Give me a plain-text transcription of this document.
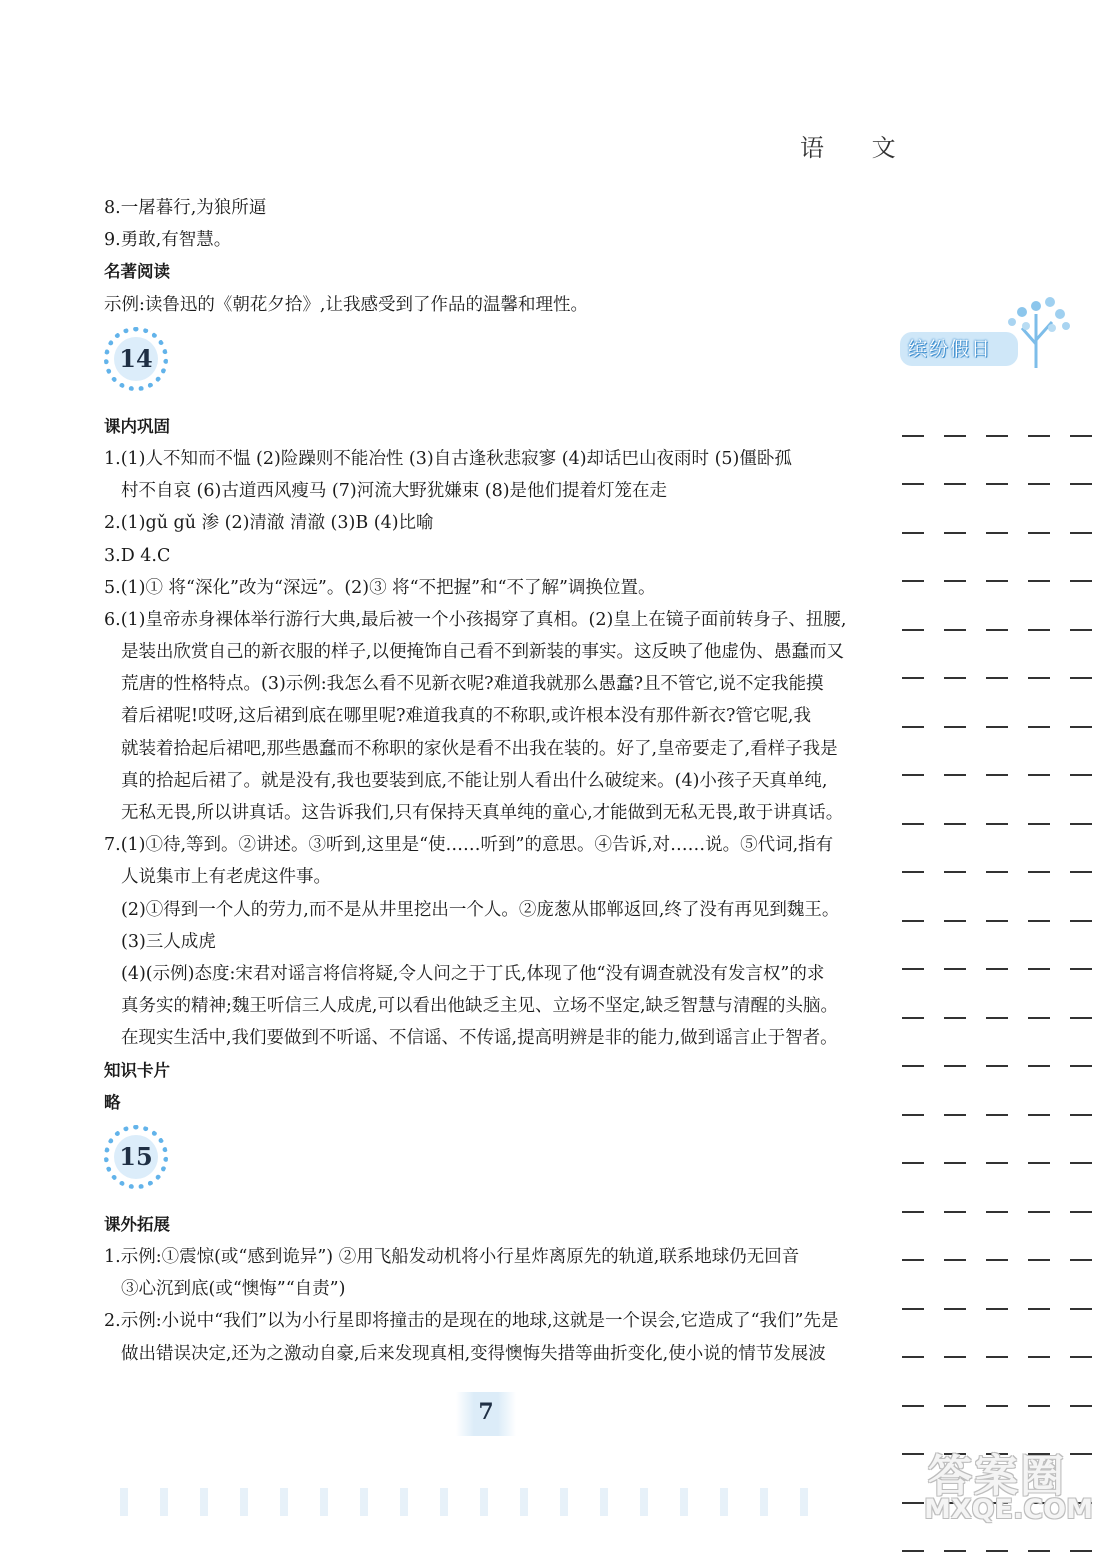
语 文
8.一屠暮行,为狼所逼
9.勇敢,有智慧。
名著阅读
示例:读鲁迅的《朝花夕拾》,让我感受到了作品的温馨和理性。
14
课内巩固
1.(1)人不知而不愠 (2)险躁则不能冶性 (3)自古逢秋悲寂寥 (4)却话巴山夜雨时 (5)僵卧孤
村不自哀 (6)古道西风瘦马 (7)河流大野犹嫌束 (8)是他们提着灯笼在走
2.(1)gǔ gǔ 渗 (2)清澈 清澈 (3)B (4)比喻
3.D 4.C
5.(1)① 将“深化”改为“深远”。(2)③ 将“不把握”和“不了解”调换位置。
6.(1)皇帝赤身裸体举行游行大典,最后被一个小孩揭穿了真相。(2)皇上在镜子面前转身子、扭腰,
是装出欣赏自己的新衣服的样子,以便掩饰自己看不到新装的事实。这反映了他虚伪、愚蠢而又
荒唐的性格特点。(3)示例:我怎么看不见新衣呢?难道我就那么愚蠢?且不管它,说不定我能摸
着后裙呢!哎呀,这后裙到底在哪里呢?难道我真的不称职,或许根本没有那件新衣?管它呢,我
就装着拾起后裙吧,那些愚蠢而不称职的家伙是看不出我在装的。好了,皇帝要走了,看样子我是
真的拾起后裙了。就是没有,我也要装到底,不能让别人看出什么破绽来。(4)小孩子天真单纯,
无私无畏,所以讲真话。这告诉我们,只有保持天真单纯的童心,才能做到无私无畏,敢于讲真话。
7.(1)①待,等到。②讲述。③听到,这里是“使……听到”的意思。④告诉,对……说。⑤代词,指有
人说集市上有老虎这件事。
(2)①得到一个人的劳力,而不是从井里挖出一个人。②庞葱从邯郸返回,终了没有再见到魏王。
(3)三人成虎
(4)(示例)态度:宋君对谣言将信将疑,令人问之于丁氏,体现了他“没有调查就没有发言权”的求
真务实的精神;魏王听信三人成虎,可以看出他缺乏主见、立场不坚定,缺乏智慧与清醒的头脑。
在现实生活中,我们要做到不听谣、不信谣、不传谣,提高明辨是非的能力,做到谣言止于智者。
知识卡片
略
15
课外拓展
1.示例:①震惊(或“感到诡异”) ②用飞船发动机将小行星炸离原先的轨道,联系地球仍无回音
③心沉到底(或“懊悔”“自责”)
2.示例:小说中“我们”以为小行星即将撞击的是现在的地球,这就是一个误会,它造成了“我们”先是
做出错误决定,还为之激动自豪,后来发现真相,变得懊悔失措等曲折变化,使小说的情节发展波
缤纷假日
7
答案圈
MXQE.COM
